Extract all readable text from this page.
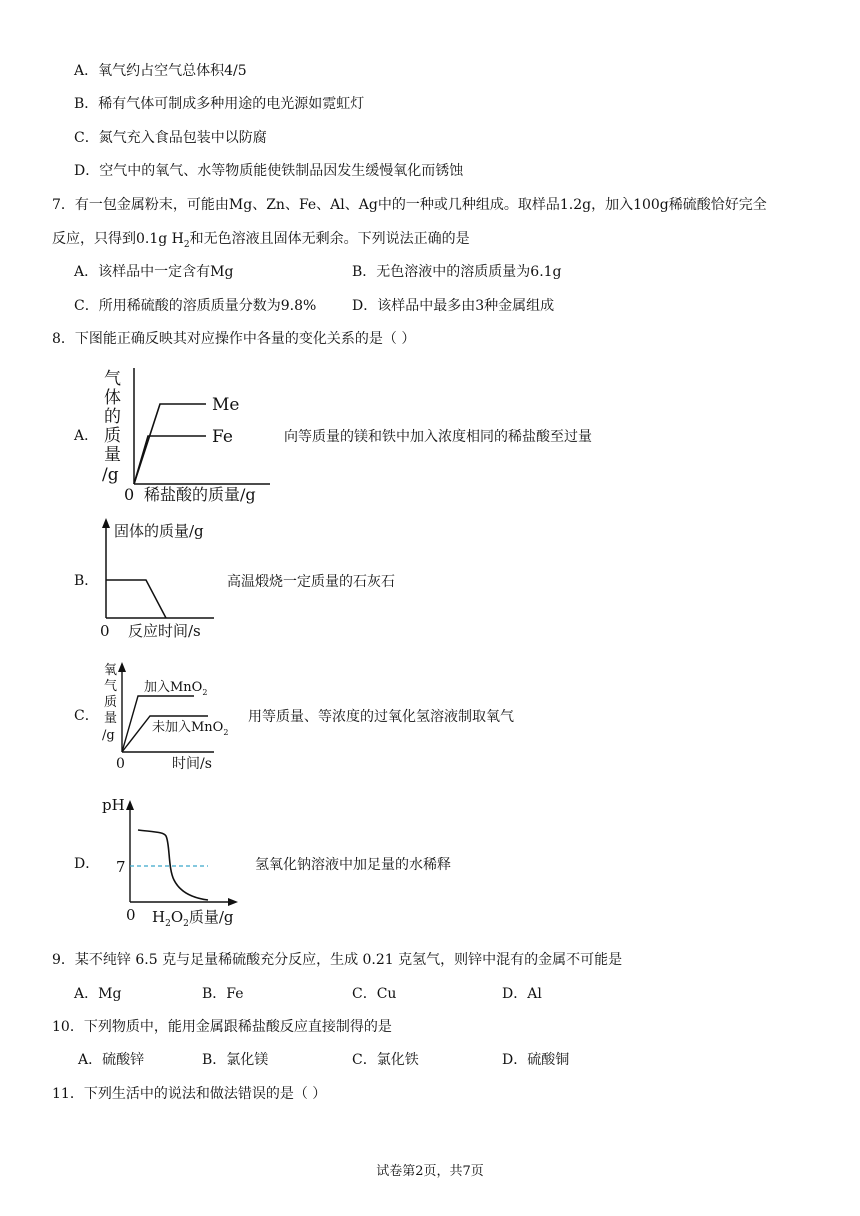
A．氧气约占空气总体积4/5
B．稀有气体可制成多种用途的电光源如霓虹灯
C．氮气充入食品包装中以防腐
D．空气中的氧气、水等物质能使铁制品因发生缓慢氧化而锈蚀
7．有一包金属粉末，可能由Mg、Zn、Fe、Al、Ag中的一种或几种组成。取样品1.2g，加入100g稀硫酸恰好完全
反应，只得到0.1g $H_2$和无色溶液且固体无剩余。下列说法正确的是
A．该样品中一定含有Mg	B．无色溶液中的溶质质量为6.1g
C．所用稀硫酸的溶质质量分数为9.8%	D．该样品中最多由3种金属组成
8．下图能正确反映其对应操作中各量的变化关系的是（ ）
A．
气
体
的
质
量
/g
Me
Fe
0 稀盐酸的质量/g
向等质量的镁和铁中加入浓度相同的稀盐酸至过量
B．
固体的质量/g
0 反应时间/s
高温煅烧一定质量的石灰石
C．
氧
气
质
量
/g
加入MnO$_2$
未加入MnO$_2$
0	时间/s
用等质量、等浓度的过氧化氢溶液制取氧气
D．
pH
7
0 $H_2O_2$质量/g
氢氧化钠溶液中加足量的水稀释
9．某不纯锌 6.5 克与足量稀硫酸充分反应，生成 0.21 克氢气，则锌中混有的金属不可能是
A．Mg	B．Fe	C．Cu	D．Al
10．下列物质中，能用金属跟稀盐酸反应直接制得的是
A．硫酸锌	B．氯化镁	C．氯化铁	D．硫酸铜
11．下列生活中的说法和做法错误的是（ ）
试卷第2页，共7页
